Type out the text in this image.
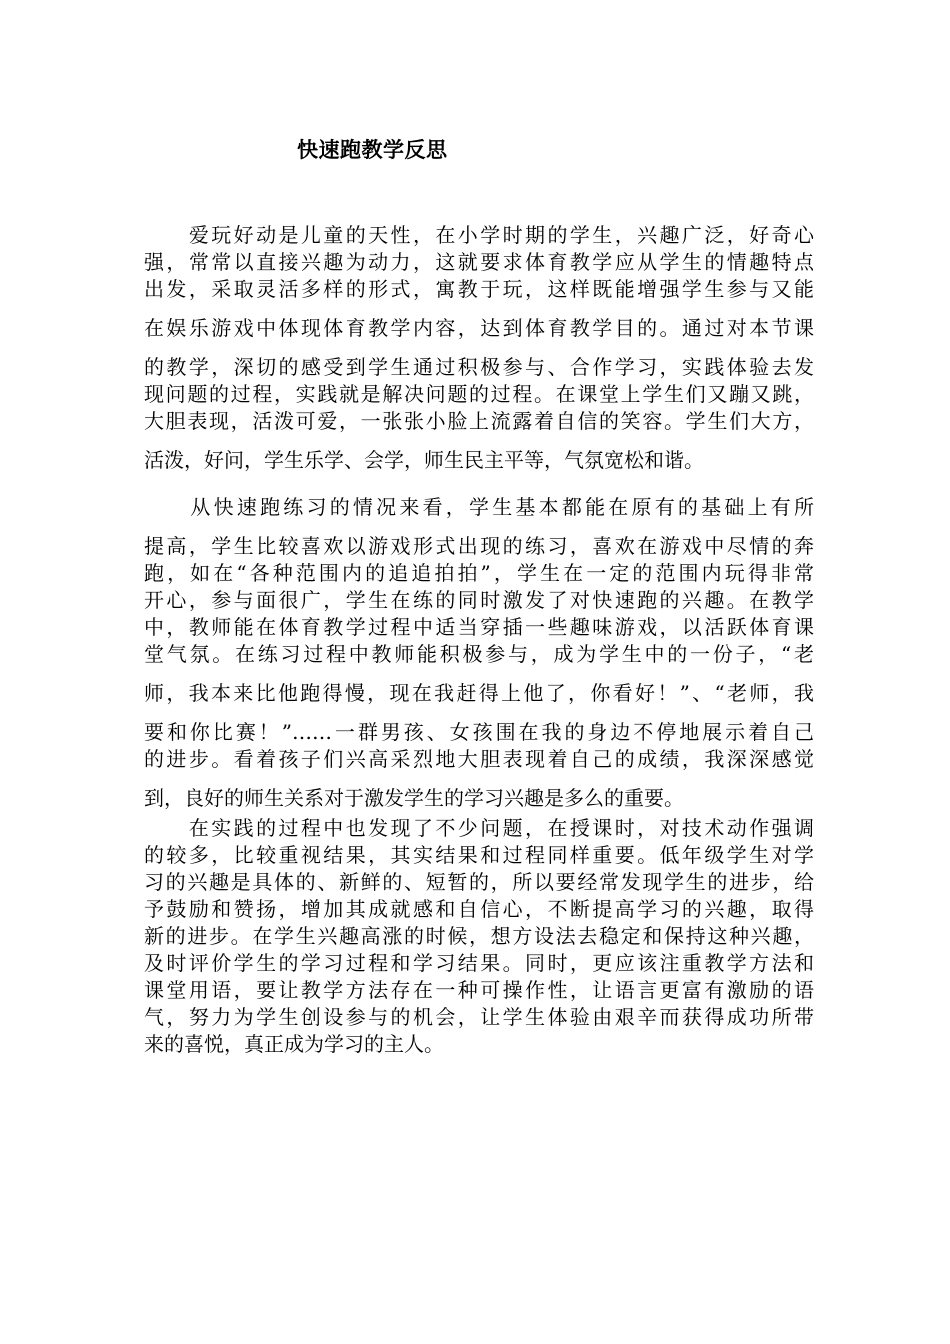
快速跑教学反思
　　爱玩好动是儿童的天性，在小学时期的学生，兴趣广泛，好奇心
强，常常以直接兴趣为动力，这就要求体育教学应从学生的情趣特点
出发，采取灵活多样的形式，寓教于玩，这样既能增强学生参与又能
在娱乐游戏中体现体育教学内容，达到体育教学目的。通过对本节课
的教学，深切的感受到学生通过积极参与、合作学习，实践体验去发
现问题的过程，实践就是解决问题的过程。在课堂上学生们又蹦又跳，
大胆表现，活泼可爱，一张张小脸上流露着自信的笑容。学生们大方，
活泼，好问，学生乐学、会学，师生民主平等，气氛宽松和谐。
　　从快速跑练习的情况来看，学生基本都能在原有的基础上有所
提高，学生比较喜欢以游戏形式出现的练习，喜欢在游戏中尽情的奔
跑，如在“各种范围内的追追拍拍”，学生在一定的范围内玩得非常
开心，参与面很广，学生在练的同时激发了对快速跑的兴趣。在教学
中，教师能在体育教学过程中适当穿插一些趣味游戏，以活跃体育课
堂气氛。在练习过程中教师能积极参与，成为学生中的一份子，“老
师，我本来比他跑得慢，现在我赶得上他了，你看好！”、“老师，我
要和你比赛！”……一群男孩、女孩围在我的身边不停地展示着自己
的进步。看着孩子们兴高采烈地大胆表现着自己的成绩，我深深感觉
到，良好的师生关系对于激发学生的学习兴趣是多么的重要。
　　在实践的过程中也发现了不少问题，在授课时，对技术动作强调
的较多，比较重视结果，其实结果和过程同样重要。低年级学生对学
习的兴趣是具体的、新鲜的、短暂的，所以要经常发现学生的进步，给
予鼓励和赞扬，增加其成就感和自信心，不断提高学习的兴趣，取得
新的进步。在学生兴趣高涨的时候，想方设法去稳定和保持这种兴趣，
及时评价学生的学习过程和学习结果。同时，更应该注重教学方法和
课堂用语，要让教学方法存在一种可操作性，让语言更富有激励的语
气，努力为学生创设参与的机会，让学生体验由艰辛而获得成功所带
来的喜悦，真正成为学习的主人。
